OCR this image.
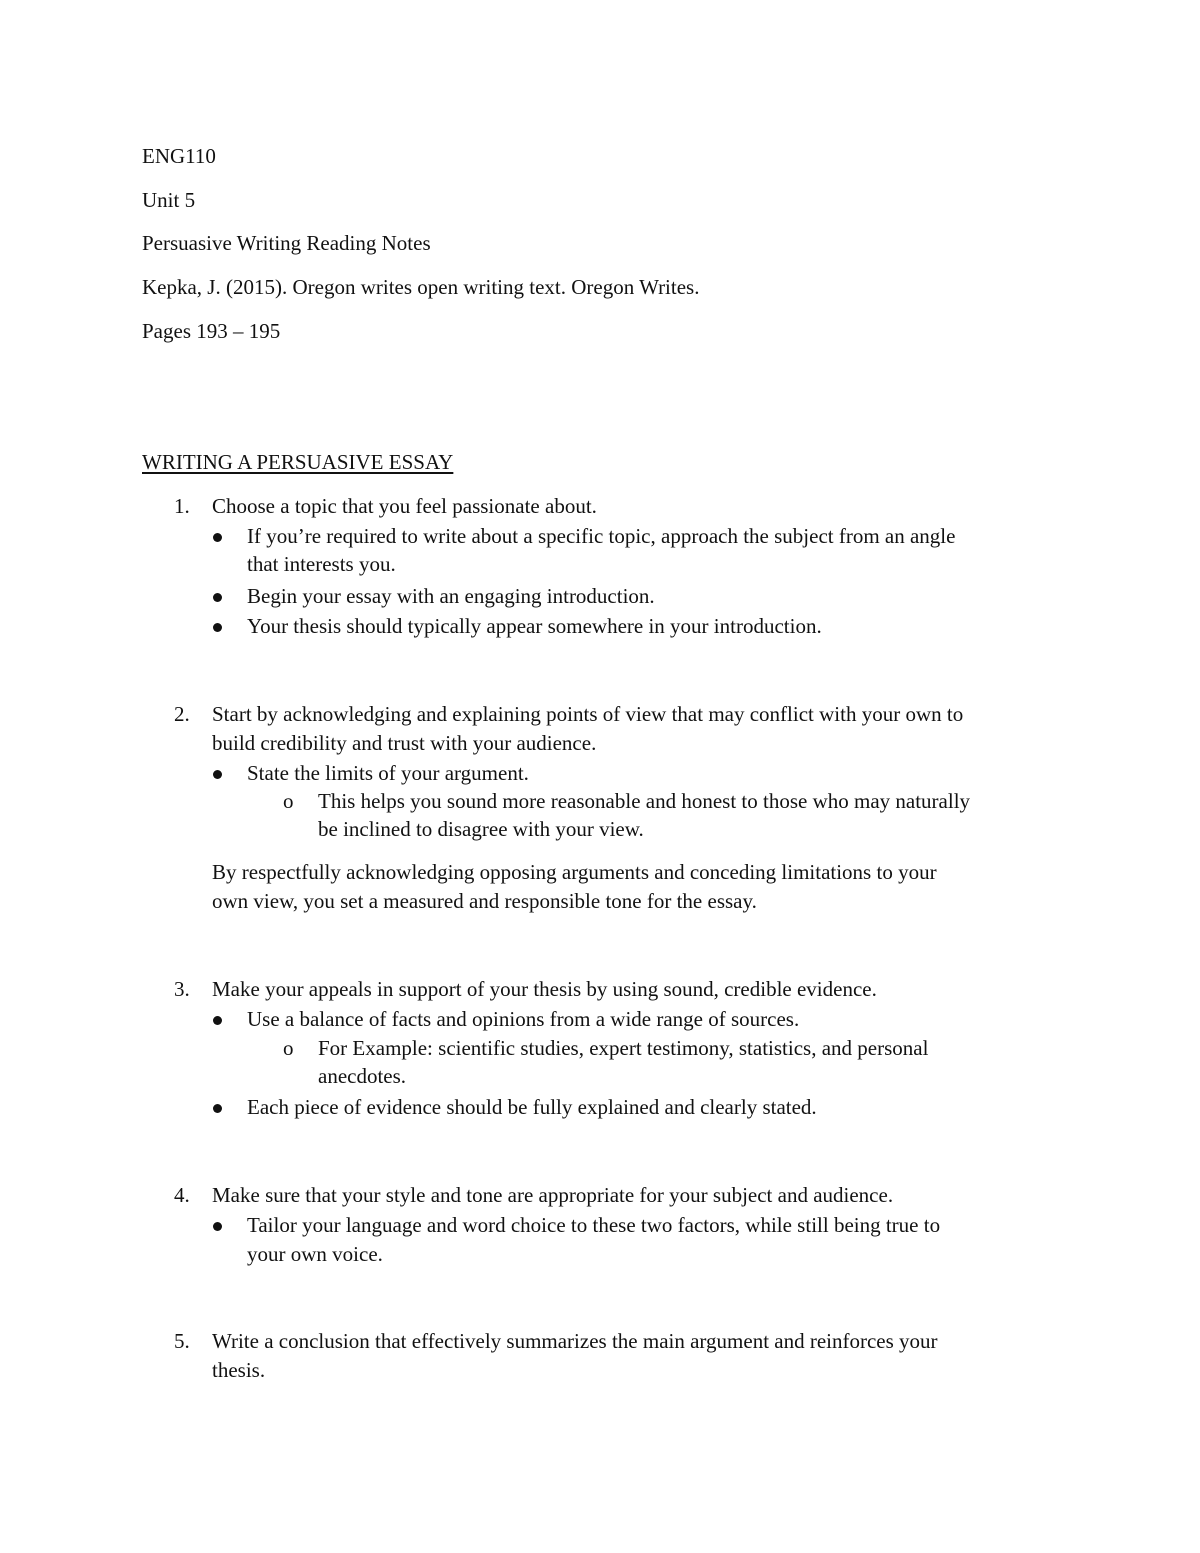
ENG110
Unit 5
Persuasive Writing Reading Notes
Kepka, J. (2015). Oregon writes open writing text. Oregon Writes.
Pages 193 – 195
WRITING A PERSUASIVE ESSAY
1. Choose a topic that you feel passionate about.
If you’re required to write about a specific topic, approach the subject from an angle
that interests you.
Begin your essay with an engaging introduction.
Your thesis should typically appear somewhere in your introduction.
2. Start by acknowledging and explaining points of view that may conflict with your own to
build credibility and trust with your audience.
State the limits of your argument.
o This helps you sound more reasonable and honest to those who may naturally
be inclined to disagree with your view.
By respectfully acknowledging opposing arguments and conceding limitations to your
own view, you set a measured and responsible tone for the essay.
3. Make your appeals in support of your thesis by using sound, credible evidence.
Use a balance of facts and opinions from a wide range of sources.
o For Example: scientific studies, expert testimony, statistics, and personal
anecdotes.
Each piece of evidence should be fully explained and clearly stated.
4. Make sure that your style and tone are appropriate for your subject and audience.
Tailor your language and word choice to these two factors, while still being true to
your own voice.
5. Write a conclusion that effectively summarizes the main argument and reinforces your
thesis.
